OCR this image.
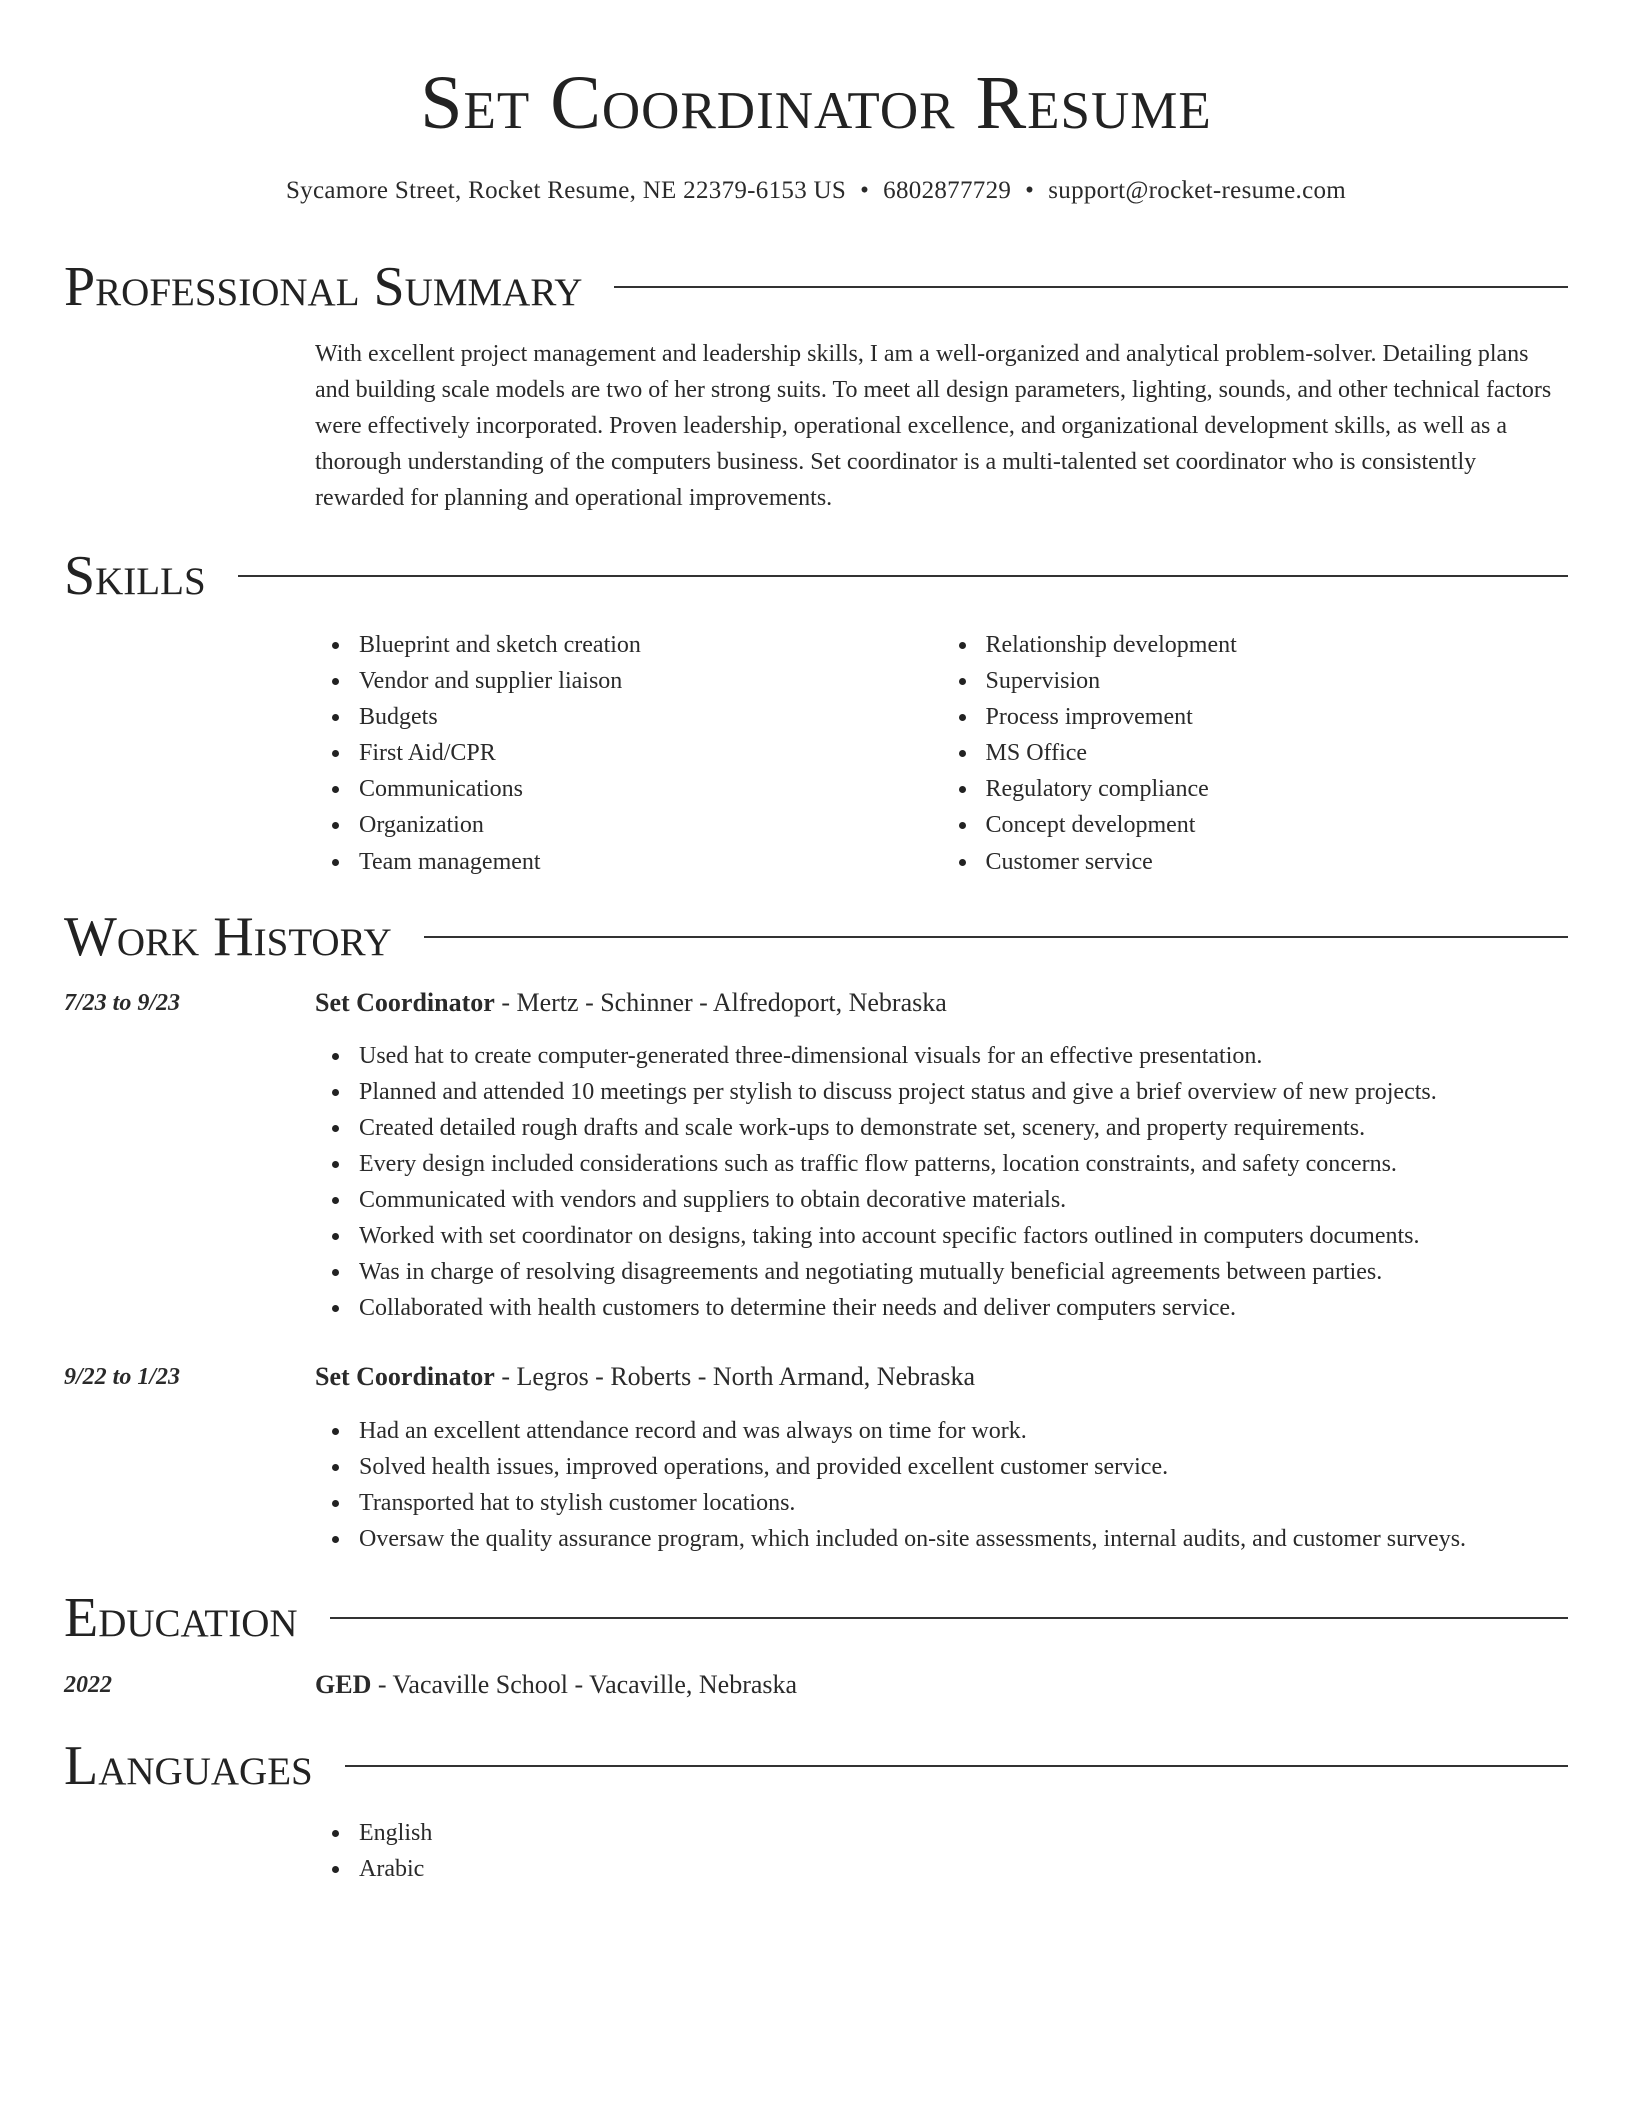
Set Coordinator Resume
Sycamore Street, Rocket Resume, NE 22379-6153 US • 6802877729 • support@rocket-resume.com
Professional Summary

With excellent project management and leadership skills, I am a well-organized and analytical problem-solver. Detailing plans and building scale models are two of her strong suits. To meet all design parameters, lighting, sounds, and other technical factors were effectively incorporated. Proven leadership, operational excellence, and organizational development skills, as well as a thorough understanding of the computers business. Set coordinator is a multi-talented set coordinator who is consistently rewarded for planning and operational improvements.

Skills
Blueprint and sketch creation
Vendor and supplier liaison
Budgets
First Aid/CPR
Communications
Organization
Team management
Relationship development
Supervision
Process improvement
MS Office
Regulatory compliance
Concept development
Customer service
Work History
7/23 to 9/23	Set Coordinator - Mertz - Schinner - Alfredoport, Nebraska
Used hat to create computer-generated three-dimensional visuals for an effective presentation.
Planned and attended 10 meetings per stylish to discuss project status and give a brief overview of new projects.
Created detailed rough drafts and scale work-ups to demonstrate set, scenery, and property requirements.
Every design included considerations such as traffic flow patterns, location constraints, and safety concerns.
Communicated with vendors and suppliers to obtain decorative materials.
Worked with set coordinator on designs, taking into account specific factors outlined in computers documents.
Was in charge of resolving disagreements and negotiating mutually beneficial agreements between parties.
Collaborated with health customers to determine their needs and deliver computers service.
9/22 to 1/23	Set Coordinator - Legros - Roberts - North Armand, Nebraska
Had an excellent attendance record and was always on time for work.
Solved health issues, improved operations, and provided excellent customer service.
Transported hat to stylish customer locations.
Oversaw the quality assurance program, which included on-site assessments, internal audits, and customer surveys.
Education
2022	GED - Vacaville School - Vacaville, Nebraska
Languages
English
Arabic
